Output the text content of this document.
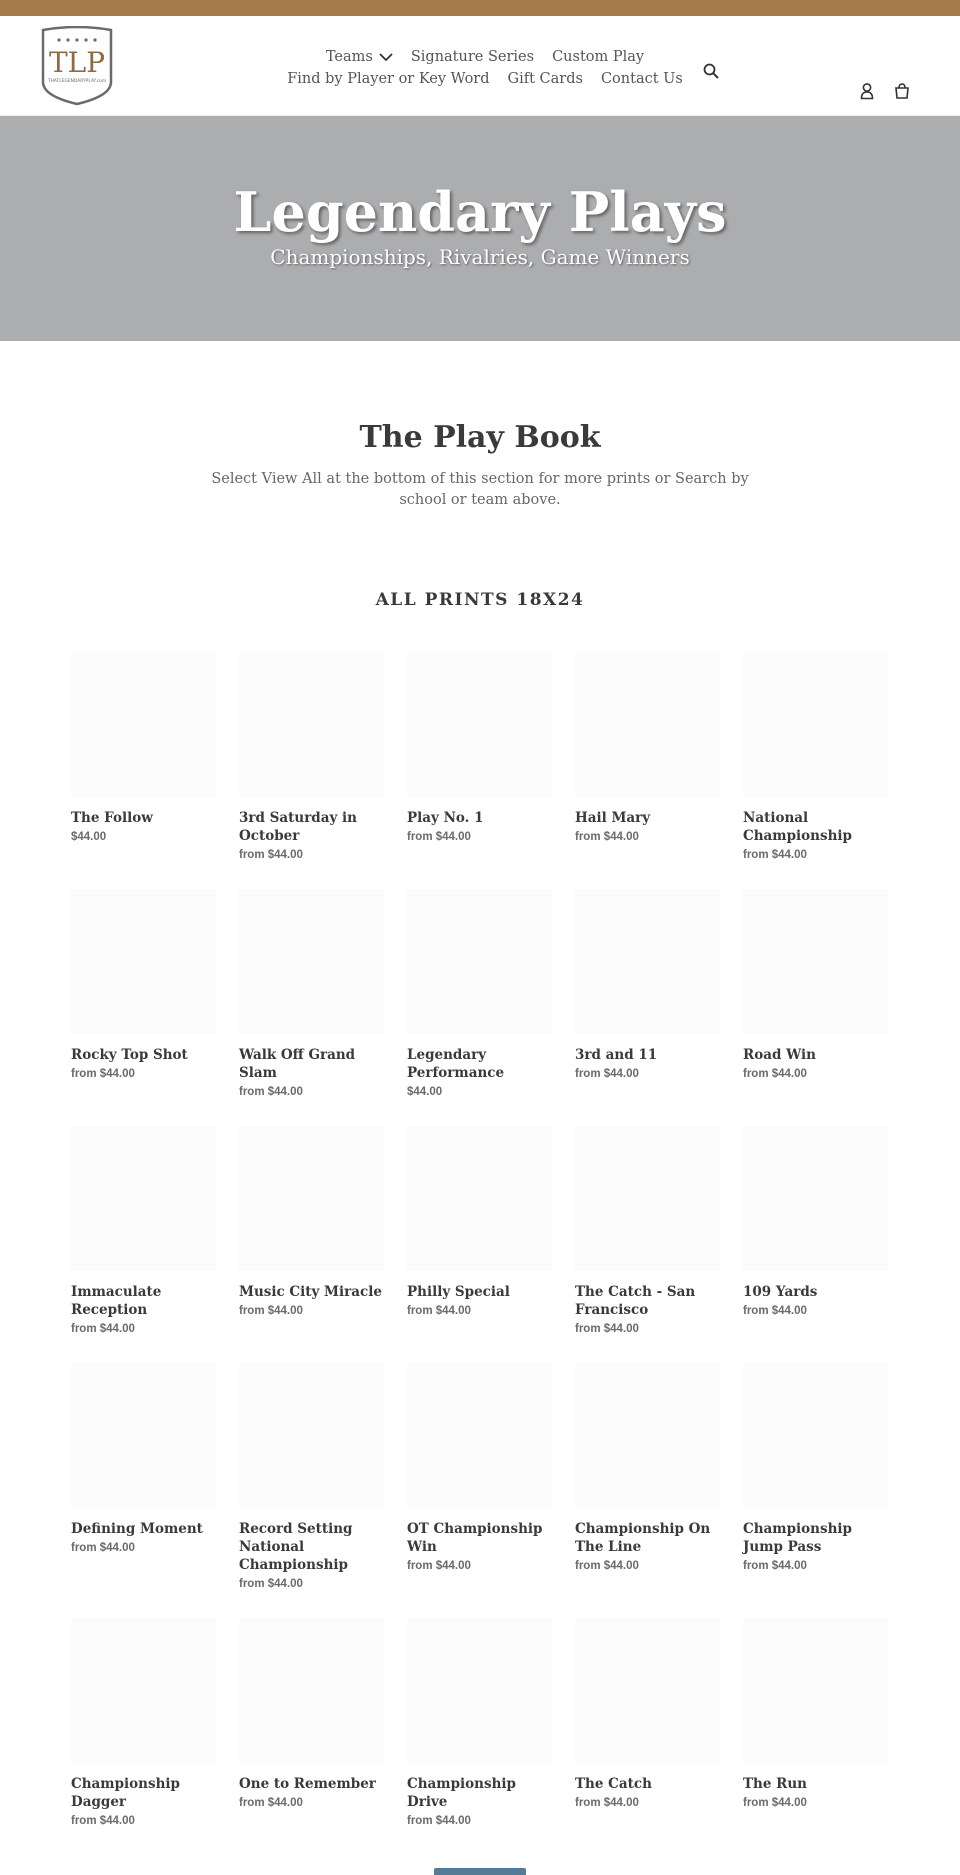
TLP
THATLEGENDARYPLAY.com
Teams	Signature Series Custom Play
Find by Player or Key Word Gift Cards Contact Us
Legendary Plays
Championships, Rivalries, Game Winners
The Play Book

Select View All at the bottom of this section for more prints or Search by school or team above.

ALL PRINTS 18X24
The Follow
$44.00
3rd Saturday in October
from $44.00
Play No. 1
from $44.00
Hail Mary
from $44.00
National Championship
from $44.00
Rocky Top Shot
from $44.00
Walk Off Grand Slam
from $44.00
Legendary Performance
$44.00
3rd and 11
from $44.00
Road Win
from $44.00
Immaculate Reception
from $44.00
Music City Miracle
from $44.00
Philly Special
from $44.00
The Catch - San Francisco
from $44.00
109 Yards
from $44.00
Defining Moment
from $44.00
Record Setting National Championship
from $44.00
OT Championship Win
from $44.00
Championship On The Line
from $44.00
Championship Jump Pass
from $44.00
Championship Dagger
from $44.00
One to Remember
from $44.00
Championship Drive
from $44.00
The Catch
from $44.00
The Run
from $44.00
